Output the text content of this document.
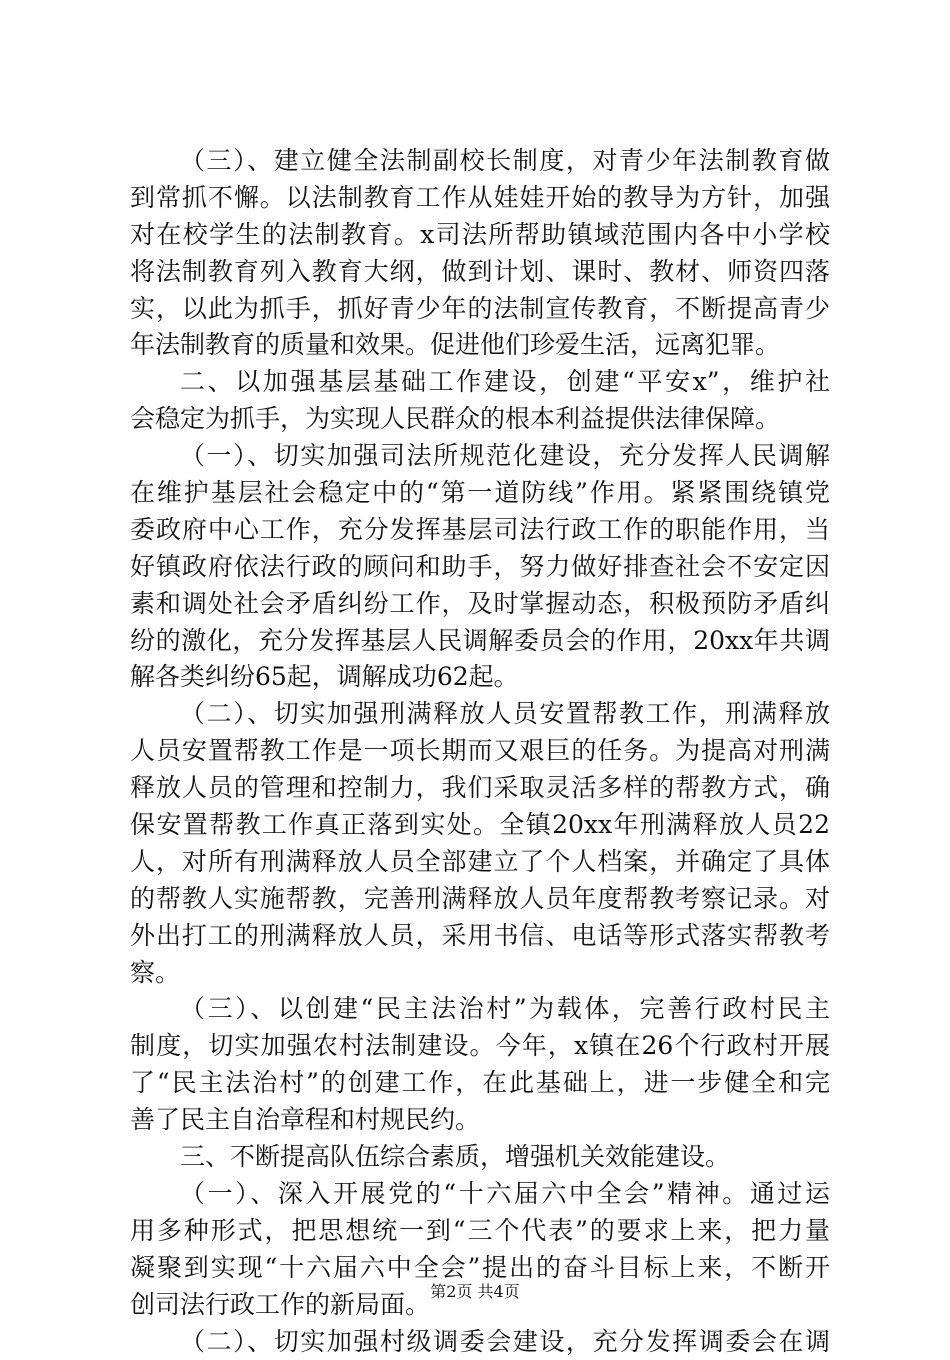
（三）、建立健全法制副校长制度，对青少年法制教育做
到常抓不懈。以法制教育工作从娃娃开始的教导为方针，加强
对在校学生的法制教育。x司法所帮助镇域范围内各中小学校
将法制教育列入教育大纲，做到计划、课时、教材、师资四落
实，以此为抓手，抓好青少年的法制宣传教育，不断提高青少
年法制教育的质量和效果。促进他们珍爱生活，远离犯罪。
二、以加强基层基础工作建设，创建“平安x”，维护社
会稳定为抓手，为实现人民群众的根本利益提供法律保障。
（一）、切实加强司法所规范化建设，充分发挥人民调解
在维护基层社会稳定中的“第一道防线”作用。紧紧围绕镇党
委政府中心工作，充分发挥基层司法行政工作的职能作用，当
好镇政府依法行政的顾问和助手，努力做好排查社会不安定因
素和调处社会矛盾纠纷工作，及时掌握动态，积极预防矛盾纠
纷的激化，充分发挥基层人民调解委员会的作用，20xx年共调
解各类纠纷65起，调解成功62起。
（二）、切实加强刑满释放人员安置帮教工作，刑满释放
人员安置帮教工作是一项长期而又艰巨的任务。为提高对刑满
释放人员的管理和控制力，我们采取灵活多样的帮教方式，确
保安置帮教工作真正落到实处。全镇20xx年刑满释放人员22
人，对所有刑满释放人员全部建立了个人档案，并确定了具体
的帮教人实施帮教，完善刑满释放人员年度帮教考察记录。对
外出打工的刑满释放人员，采用书信、电话等形式落实帮教考
察。
（三）、以创建“民主法治村”为载体，完善行政村民主
制度，切实加强农村法制建设。今年，x镇在26个行政村开展
了“民主法治村”的创建工作，在此基础上，进一步健全和完
善了民主自治章程和村规民约。
三、不断提高队伍综合素质，增强机关效能建设。
（一）、深入开展党的“十六届六中全会”精神。通过运
用多种形式，把思想统一到“三个代表”的要求上来，把力量
凝聚到实现“十六届六中全会”提出的奋斗目标上来，不断开
创司法行政工作的新局面。
（二）、切实加强村级调委会建设，充分发挥调委会在调
第2页 共4页
